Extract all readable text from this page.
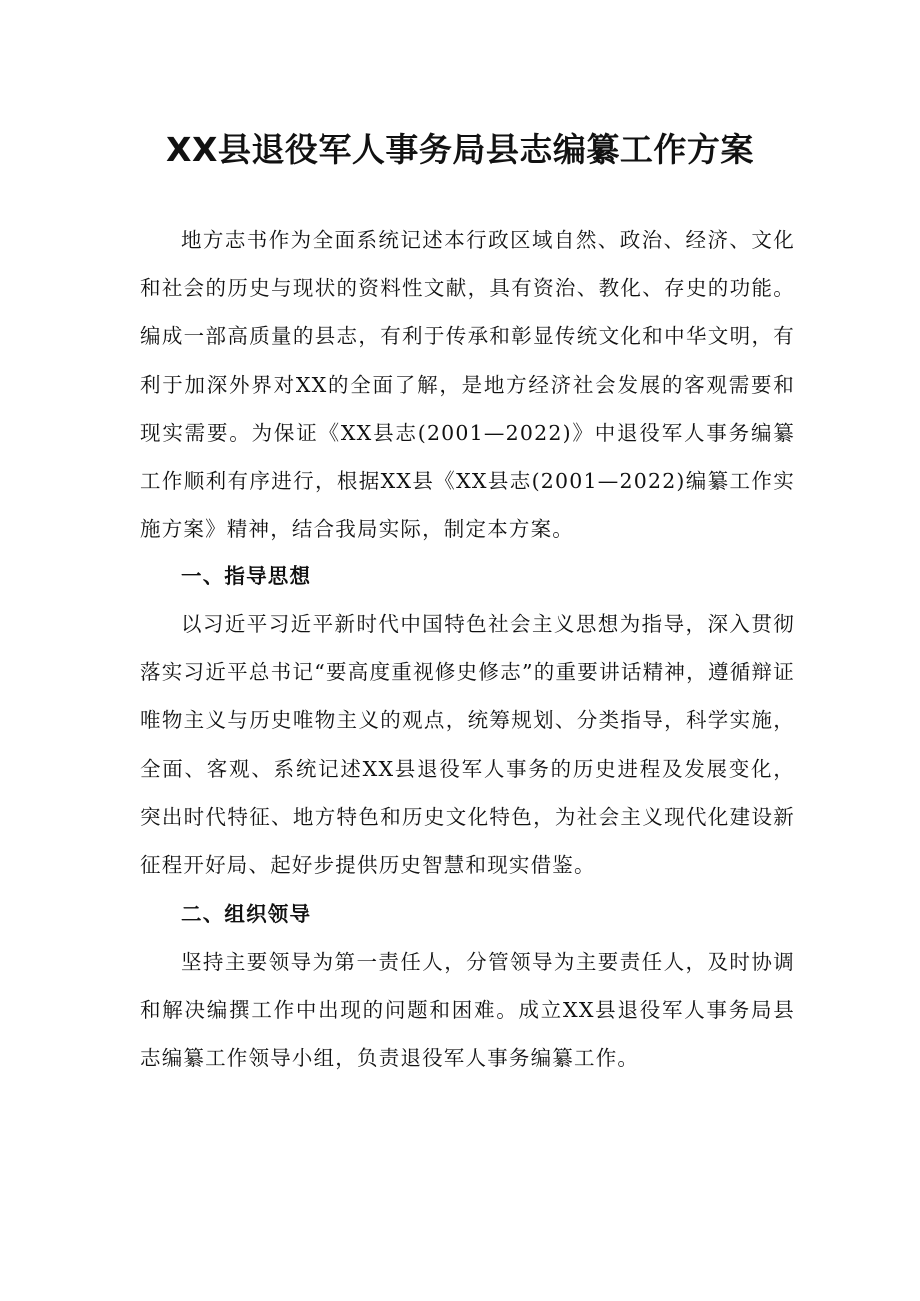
XX县退役军人事务局县志编纂工作方案

地方志书作为全面系统记述本行政区域自然、政治、经济、文化和社会的历史与现状的资料性文献，具有资治、教化、存史的功能。编成一部高质量的县志，有利于传承和彰显传统文化和中华文明，有利于加深外界对XX的全面了解，是地方经济社会发展的客观需要和现实需要。为保证《XX县志(2001—2022)》中退役军人事务编纂工作顺利有序进行，根据XX县《XX县志(2001—2022)编纂工作实施方案》精神，结合我局实际，制定本方案。

一、指导思想

以习近平习近平新时代中国特色社会主义思想为指导，深入贯彻落实习近平总书记“要高度重视修史修志”的重要讲话精神，遵循辩证唯物主义与历史唯物主义的观点，统筹规划、分类指导，科学实施，全面、客观、系统记述XX县退役军人事务的历史进程及发展变化，突出时代特征、地方特色和历史文化特色，为社会主义现代化建设新征程开好局、起好步提供历史智慧和现实借鉴。

二、组织领导

坚持主要领导为第一责任人，分管领导为主要责任人，及时协调和解决编撰工作中出现的问题和困难。成立XX县退役军人事务局县志编纂工作领导小组，负责退役军人事务编纂工作。
